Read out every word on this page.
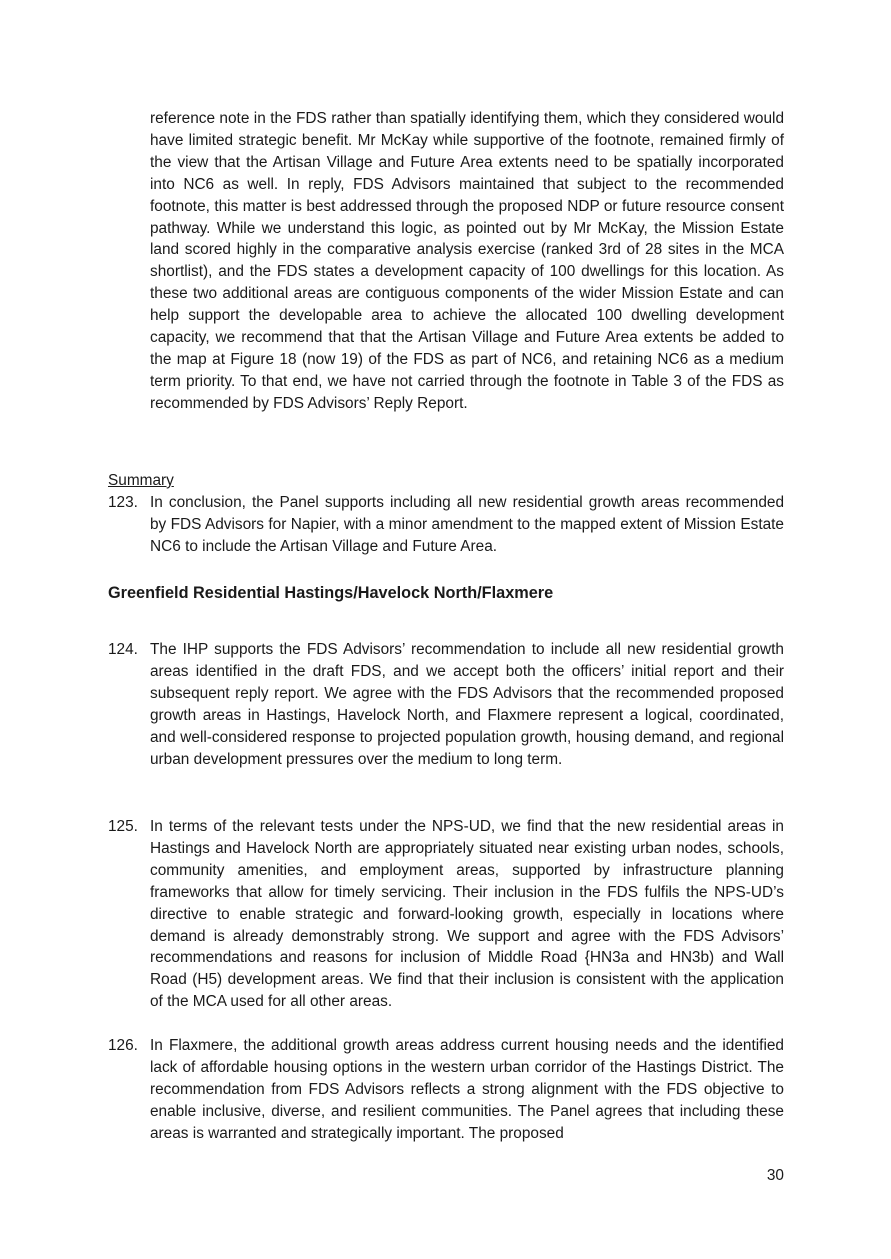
reference note in the FDS rather than spatially identifying them, which they considered would have limited strategic benefit. Mr McKay while supportive of the footnote, remained firmly of the view that the Artisan Village and Future Area extents need to be spatially incorporated into NC6 as well. In reply, FDS Advisors maintained that subject to the recommended footnote, this matter is best addressed through the proposed NDP or future resource consent pathway. While we understand this logic, as pointed out by Mr McKay, the Mission Estate land scored highly in the comparative analysis exercise (ranked 3rd of 28 sites in the MCA shortlist), and the FDS states a development capacity of 100 dwellings for this location. As these two additional areas are contiguous components of the wider Mission Estate and can help support the developable area to achieve the allocated 100 dwelling development capacity, we recommend that that the Artisan Village and Future Area extents be added to the map at Figure 18 (now 19) of the FDS as part of NC6, and retaining NC6 as a medium term priority. To that end, we have not carried through the footnote in Table 3 of the FDS as recommended by FDS Advisors’ Reply Report.

Summary

123. In conclusion, the Panel supports including all new residential growth areas recommended by FDS Advisors for Napier, with a minor amendment to the mapped extent of Mission Estate NC6 to include the Artisan Village and Future Area.

Greenfield Residential Hastings/Havelock North/Flaxmere

124. The IHP supports the FDS Advisors’ recommendation to include all new residential growth areas identified in the draft FDS, and we accept both the officers’ initial report and their subsequent reply report. We agree with the FDS Advisors that the recommended proposed growth areas in Hastings, Havelock North, and Flaxmere represent a logical, coordinated, and well-considered response to projected population growth, housing demand, and regional urban development pressures over the medium to long term.

125. In terms of the relevant tests under the NPS-UD, we find that the new residential areas in Hastings and Havelock North are appropriately situated near existing urban nodes, schools, community amenities, and employment areas, supported by infrastructure planning frameworks that allow for timely servicing. Their inclusion in the FDS fulfils the NPS-UD’s directive to enable strategic and forward-looking growth, especially in locations where demand is already demonstrably strong. We support and agree with the FDS Advisors’ recommendations and reasons for inclusion of Middle Road {HN3a and HN3b) and Wall Road (H5) development areas. We find that their inclusion is consistent with the application of the MCA used for all other areas.

126. In Flaxmere, the additional growth areas address current housing needs and the identified lack of affordable housing options in the western urban corridor of the Hastings District. The recommendation from FDS Advisors reflects a strong alignment with the FDS objective to enable inclusive, diverse, and resilient communities. The Panel agrees that including these areas is warranted and strategically important. The proposed

30
